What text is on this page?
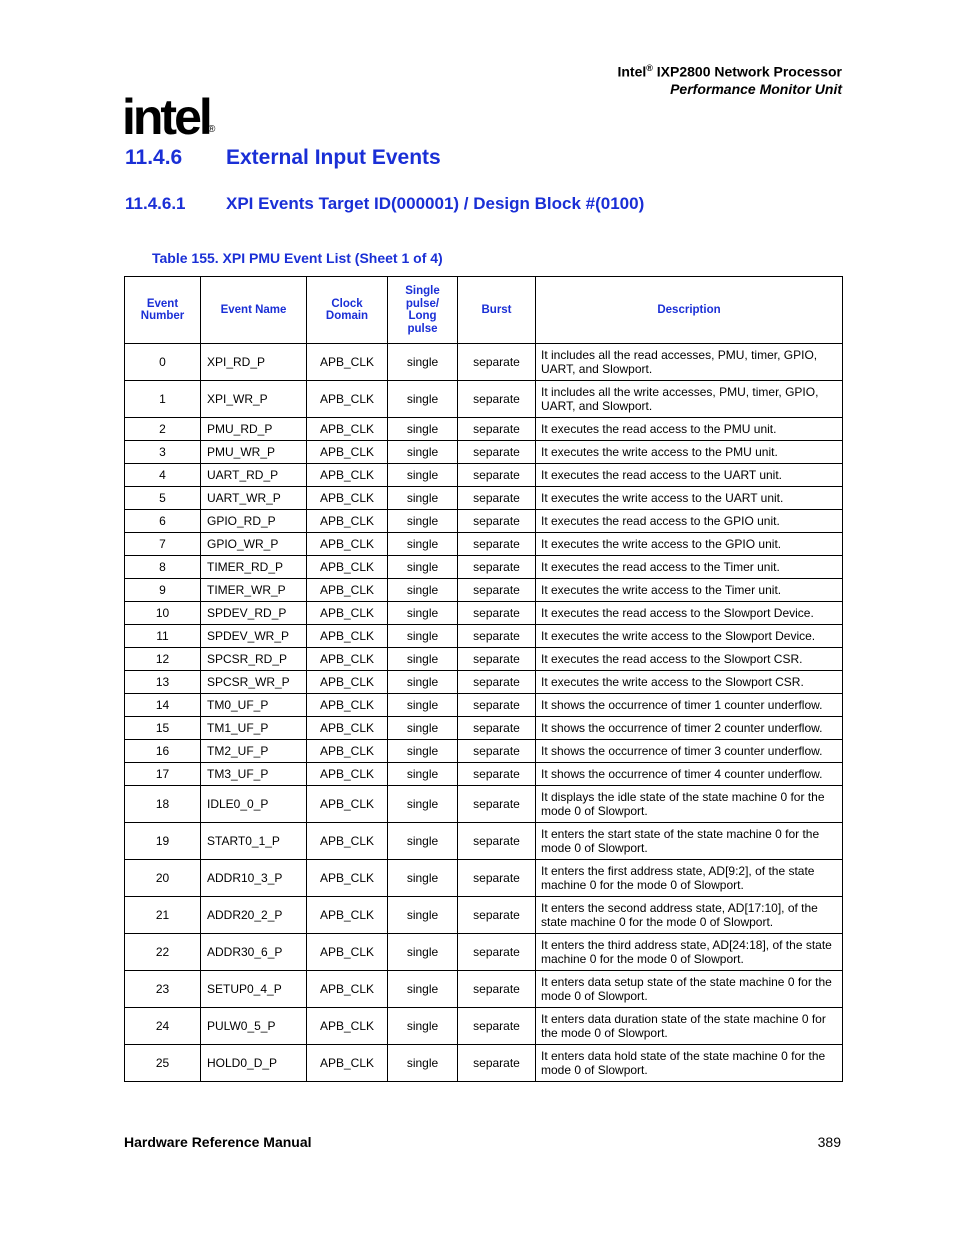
Intel® IXP2800 Network Processor
Performance Monitor Unit
intel
®
11.4.6 External Input Events
11.4.6.1 XPI Events Target ID(000001) / Design Block #(0100)
Table 155. XPI PMU Event List (Sheet 1 of 4)
Event
Number	Event Name	Clock
Domain	Single
pulse/
Long
pulse	Burst	Description
0	XPI_RD_P	APB_CLK	single	separate	It includes all the read accesses, PMU, timer, GPIO, UART, and Slowport.
1	XPI_WR_P	APB_CLK	single	separate	It includes all the write accesses, PMU, timer, GPIO, UART, and Slowport.
2	PMU_RD_P	APB_CLK	single	separate	It executes the read access to the PMU unit.
3	PMU_WR_P	APB_CLK	single	separate	It executes the write access to the PMU unit.
4	UART_RD_P	APB_CLK	single	separate	It executes the read access to the UART unit.
5	UART_WR_P	APB_CLK	single	separate	It executes the write access to the UART unit.
6	GPIO_RD_P	APB_CLK	single	separate	It executes the read access to the GPIO unit.
7	GPIO_WR_P	APB_CLK	single	separate	It executes the write access to the GPIO unit.
8	TIMER_RD_P	APB_CLK	single	separate	It executes the read access to the Timer unit.
9	TIMER_WR_P	APB_CLK	single	separate	It executes the write access to the Timer unit.
10	SPDEV_RD_P	APB_CLK	single	separate	It executes the read access to the Slowport Device.
11	SPDEV_WR_P	APB_CLK	single	separate	It executes the write access to the Slowport Device.
12	SPCSR_RD_P	APB_CLK	single	separate	It executes the read access to the Slowport CSR.
13	SPCSR_WR_P	APB_CLK	single	separate	It executes the write access to the Slowport CSR.
14	TM0_UF_P	APB_CLK	single	separate	It shows the occurrence of timer 1 counter underflow.
15	TM1_UF_P	APB_CLK	single	separate	It shows the occurrence of timer 2 counter underflow.
16	TM2_UF_P	APB_CLK	single	separate	It shows the occurrence of timer 3 counter underflow.
17	TM3_UF_P	APB_CLK	single	separate	It shows the occurrence of timer 4 counter underflow.
18	IDLE0_0_P	APB_CLK	single	separate	It displays the idle state of the state machine 0 for the mode 0 of Slowport.
19	START0_1_P	APB_CLK	single	separate	It enters the start state of the state machine 0 for the mode 0 of Slowport.
20	ADDR10_3_P	APB_CLK	single	separate	It enters the first address state, AD[9:2], of the state machine 0 for the mode 0 of Slowport.
21	ADDR20_2_P	APB_CLK	single	separate	It enters the second address state, AD[17:10], of the state machine 0 for the mode 0 of Slowport.
22	ADDR30_6_P	APB_CLK	single	separate	It enters the third address state, AD[24:18], of the state machine 0 for the mode 0 of Slowport.
23	SETUP0_4_P	APB_CLK	single	separate	It enters data setup state of the state machine 0 for the mode 0 of Slowport.
24	PULW0_5_P	APB_CLK	single	separate	It enters data duration state of the state machine 0 for the mode 0 of Slowport.
25	HOLD0_D_P	APB_CLK	single	separate	It enters data hold state of the state machine 0 for the mode 0 of Slowport.
Hardware Reference Manual	389
